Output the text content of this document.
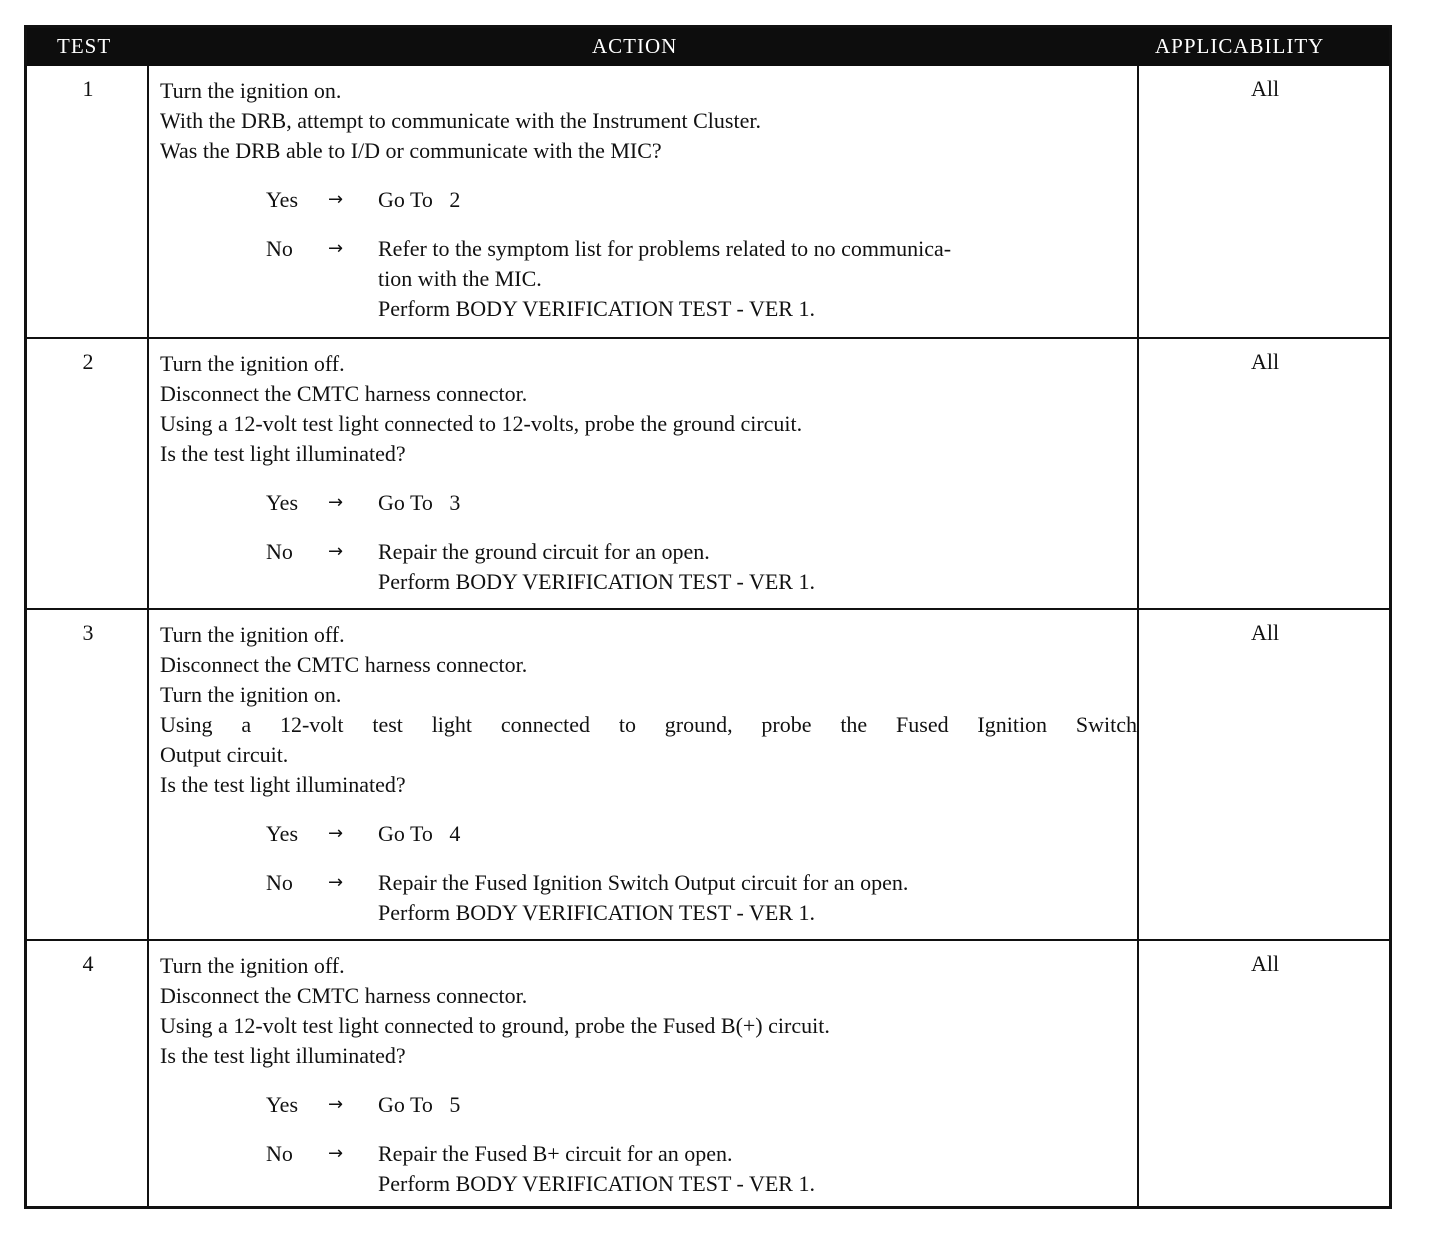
TEST	ACTION	APPLICABILITY
1	Turn the ignition on.
With the DRB, attempt to communicate with the Instrument Cluster.
Was the DRB able to I/D or communicate with the MIC?
Yes	→	Go To   2
No	→	Refer to the symptom list for problems related to no communica-
tion with the MIC.
Perform BODY VERIFICATION TEST - VER 1.
All
2	Turn the ignition off.
Disconnect the CMTC harness connector.
Using a 12-volt test light connected to 12-volts, probe the ground circuit.
Is the test light illuminated?
Yes	→	Go To   3
No	→	Repair the ground circuit for an open.
Perform BODY VERIFICATION TEST - VER 1.
All
3	Turn the ignition off.
Disconnect the CMTC harness connector.
Turn the ignition on.
Using a 12-volt test light connected to ground, probe the Fused Ignition Switch
Output circuit.
Is the test light illuminated?
Yes	→	Go To   4
No	→	Repair the Fused Ignition Switch Output circuit for an open.
Perform BODY VERIFICATION TEST - VER 1.
All
4	Turn the ignition off.
Disconnect the CMTC harness connector.
Using a 12-volt test light connected to ground, probe the Fused B(+) circuit.
Is the test light illuminated?
Yes	→	Go To   5
No	→	Repair the Fused B+ circuit for an open.
Perform BODY VERIFICATION TEST - VER 1.
All
